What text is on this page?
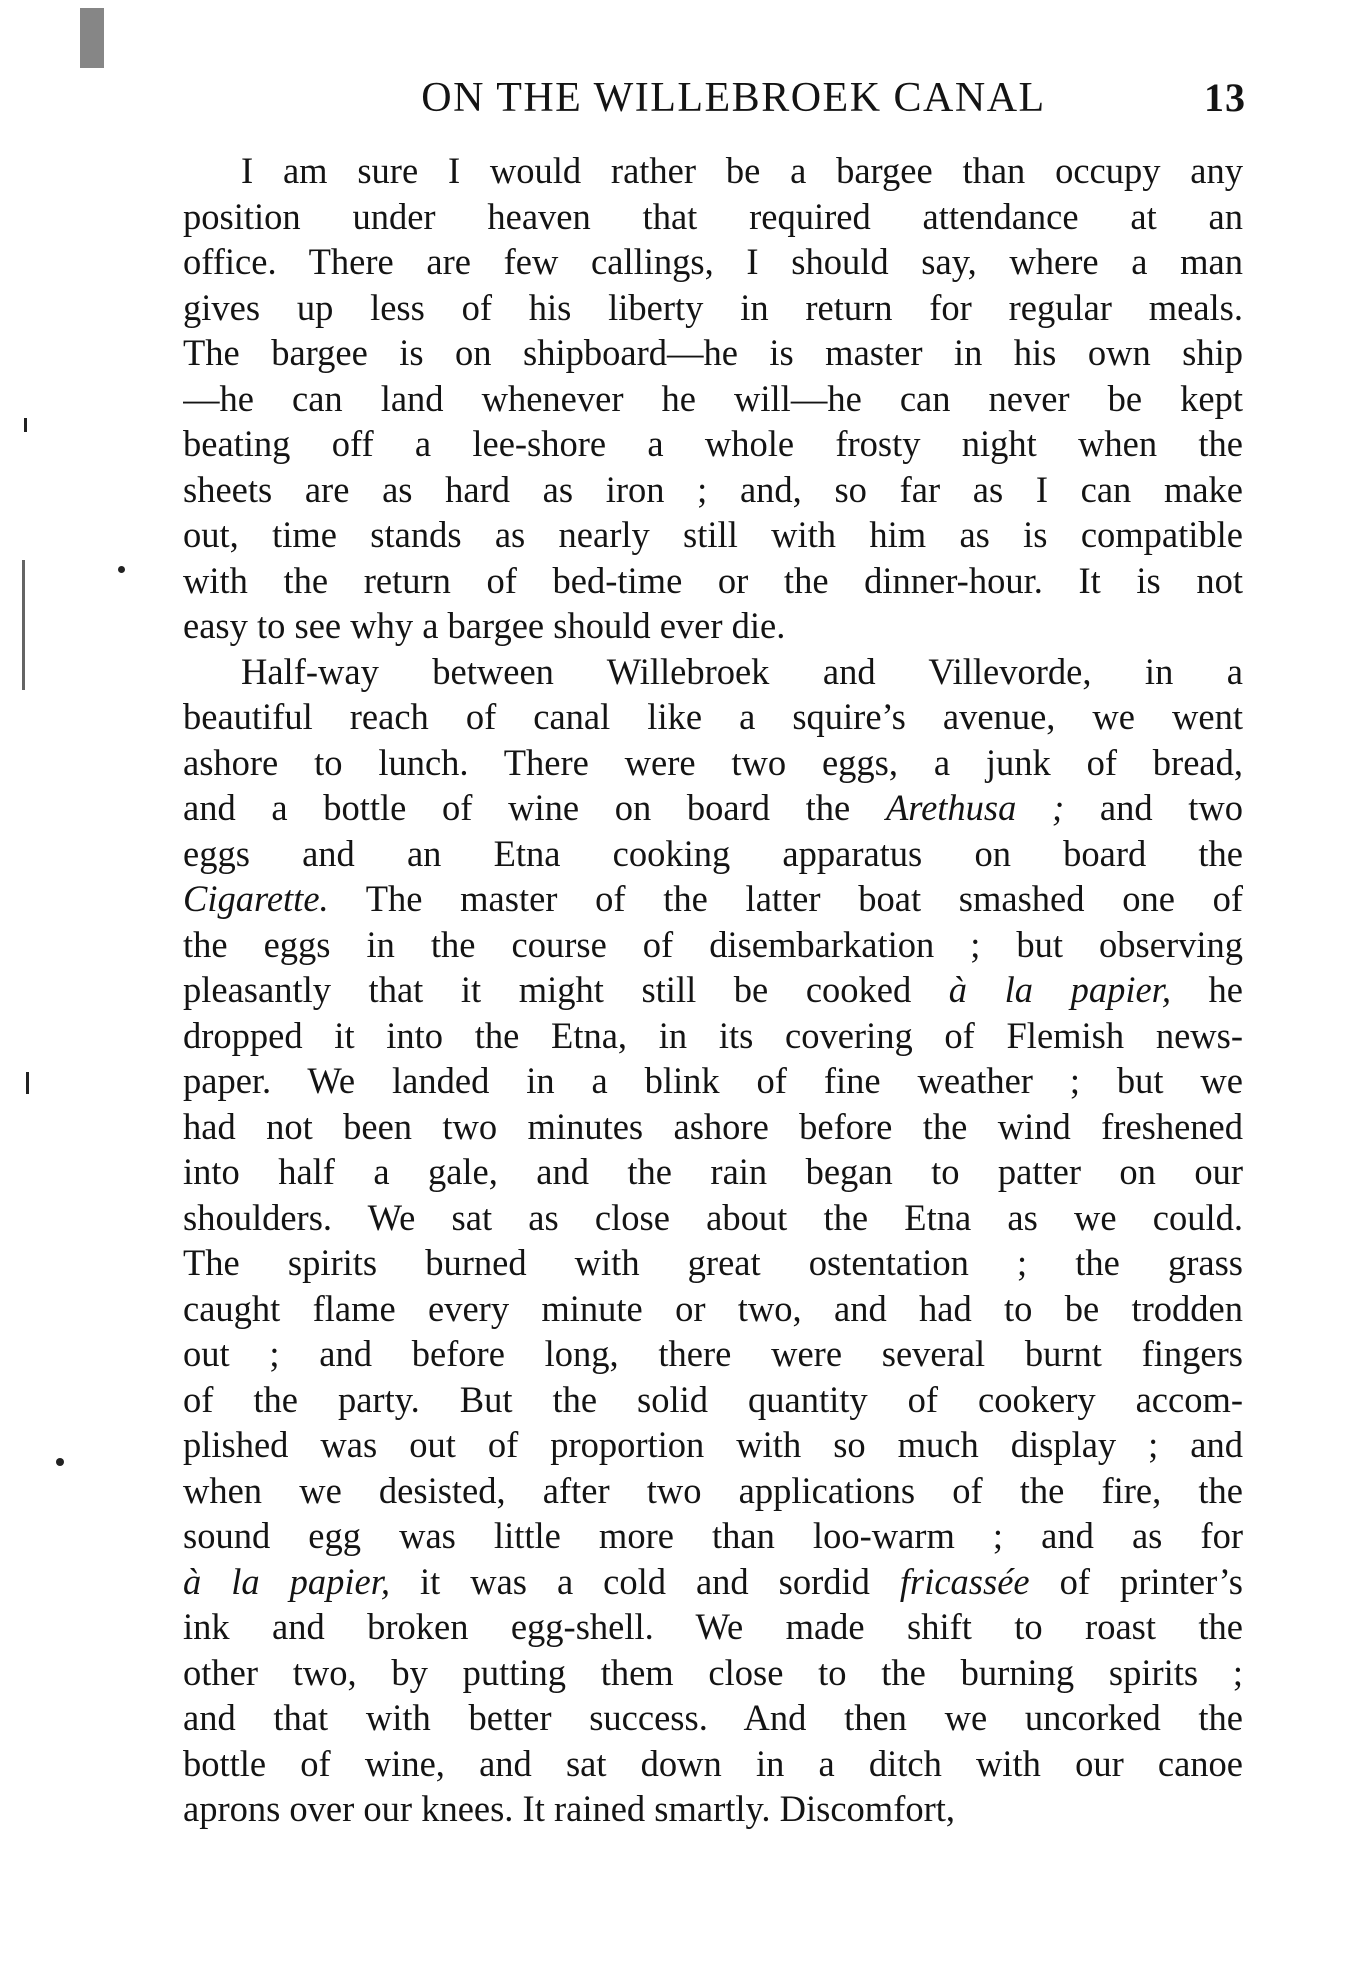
ON THE WILLEBROEK CANAL	13
I am sure I would rather be a bargee than occupy any
position under heaven that required attendance at an
office. There are few callings, I should say, where a man
gives up less of his liberty in return for regular meals.
The bargee is on shipboard—he is master in his own ship
—he can land whenever he will—he can never be kept
beating off a lee-shore a whole frosty night when the
sheets are as hard as iron ; and, so far as I can make
out, time stands as nearly still with him as is compatible
with the return of bed-time or the dinner-hour. It is not
easy to see why a bargee should ever die.
Half-way between Willebroek and Villevorde, in a
beautiful reach of canal like a squire’s avenue, we went
ashore to lunch. There were two eggs, a junk of bread,
and a bottle of wine on board the Arethusa ; and two
eggs and an Etna cooking apparatus on board the
Cigarette. The master of the latter boat smashed one of
the eggs in the course of disembarkation ; but observing
pleasantly that it might still be cooked à la papier, he
dropped it into the Etna, in its covering of Flemish news-
paper. We landed in a blink of fine weather ; but we
had not been two minutes ashore before the wind freshened
into half a gale, and the rain began to patter on our
shoulders. We sat as close about the Etna as we could.
The spirits burned with great ostentation ; the grass
caught flame every minute or two, and had to be trodden
out ; and before long, there were several burnt fingers
of the party. But the solid quantity of cookery accom-
plished was out of proportion with so much display ; and
when we desisted, after two applications of the fire, the
sound egg was little more than loo-warm ; and as for
à la papier, it was a cold and sordid fricassée of printer’s
ink and broken egg-shell. We made shift to roast the
other two, by putting them close to the burning spirits ;
and that with better success. And then we uncorked the
bottle of wine, and sat down in a ditch with our canoe
aprons over our knees. It rained smartly. Discomfort,
